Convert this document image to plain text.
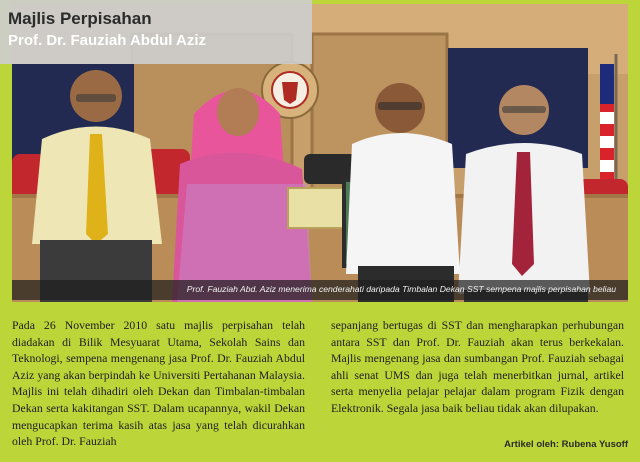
Prof. Fauziah Abd. Aziz menerima cenderahati daripada Timbalan Dekan SST sempena majlis perpisahan beliau
Majlis Perpisahan
Prof. Dr. Fauziah Abdul Aziz

Pada 26 November 2010 satu majlis perpisahan telah diadakan di Bilik Mesyuarat Utama, Sekolah Sains dan Teknologi, sempena mengenang jasa Prof. Dr. Fauziah Abdul Aziz yang akan berpindah ke Universiti Pertahanan Malaysia. Majlis ini telah dihadiri oleh Dekan dan Timbalan-timbalan Dekan serta kakitangan SST. Dalam ucapannya, wakil Dekan mengucapkan terima kasih atas jasa yang telah dicurahkan oleh Prof. Dr. Fauziah

sepanjang bertugas di SST dan mengharapkan perhubungan antara SST dan Prof. Dr. Fauziah akan terus berkekalan. Majlis mengenang jasa dan sumbangan Prof. Fauziah sebagai ahli senat UMS dan juga telah menerbitkan jurnal, artikel serta menyelia pelajar pelajar dalam program Fizik dengan Elektronik. Segala jasa baik beliau tidak akan dilupakan.

Artikel oleh: Rubena Yusoff
